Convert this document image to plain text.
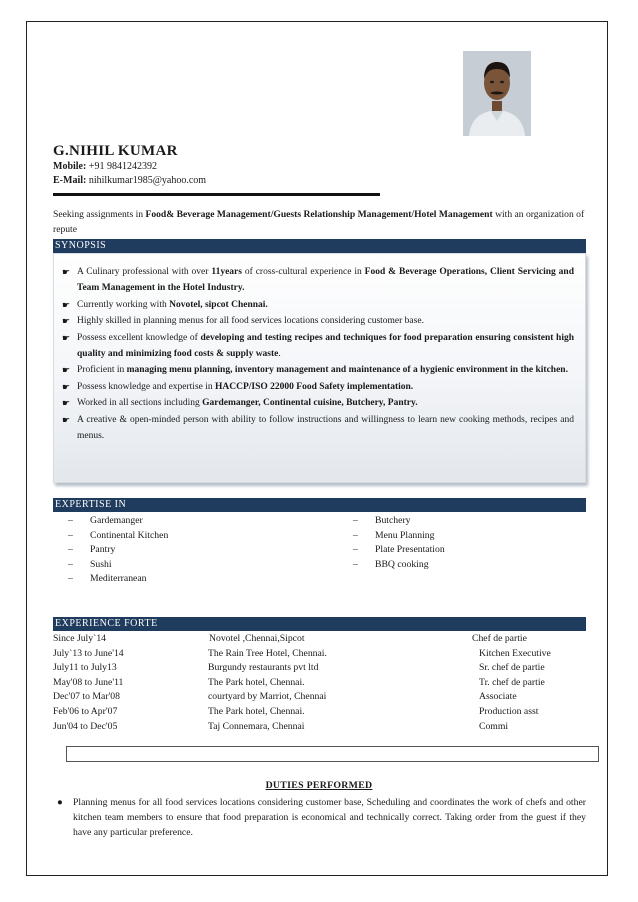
G.NIHIL KUMAR
Mobile: +91 9841242392
E-Mail: nihilkumar1985@yahoo.com
Seeking assignments in Food& Beverage Management/Guests Relationship Management/Hotel Management with an organization of repute
SYNOPSIS
☛ A Culinary professional with over 11years of cross-cultural experience in Food & Beverage Operations, Client Servicing and Team Management in the Hotel Industry.
☛ Currently working with Novotel, sipcot Chennai.
☛ Highly skilled in planning menus for all food services locations considering customer base.
☛ Possess excellent knowledge of developing and testing recipes and techniques for food preparation ensuring consistent high quality and minimizing food costs & supply waste.
☛ Proficient in managing menu planning, inventory management and maintenance of a hygienic environment in the kitchen.
☛ Possess knowledge and expertise in HACCP/ISO 22000 Food Safety implementation.
☛ Worked in all sections including Gardemanger, Continental cuisine, Butchery, Pantry.
☛ A creative & open-minded person with ability to follow instructions and willingness to learn new cooking methods, recipes and menus.
EXPERTISE IN
– Gardemanger
– Continental Kitchen
– Pantry
– Sushi
– Mediterranean
– Butchery
– Menu Planning
– Plate Presentation
– BBQ cooking
EXPERIENCE FORTE
Since July`14	Novotel ,Chennai,Sipcot	Chef de partie
July`13 to June'14	The Rain Tree Hotel, Chennai.	Kitchen Executive
July11 to July13	Burgundy restaurants pvt ltd	Sr. chef de partie
May'08 to June'11	The Park hotel, Chennai.	Tr. chef de partie
Dec'07 to Mar'08	courtyard by Marriot, Chennai	Associate
Feb'06 to Apr'07	The Park hotel, Chennai.	Production asst
Jun'04 to Dec'05	Taj Connemara, Chennai	Commi
DUTIES PERFORMED
● Planning menus for all food services locations considering customer base, Scheduling and coordinates the work of chefs and other kitchen team members to ensure that food preparation is economical and technically correct. Taking order from the guest if they have any particular preference.
